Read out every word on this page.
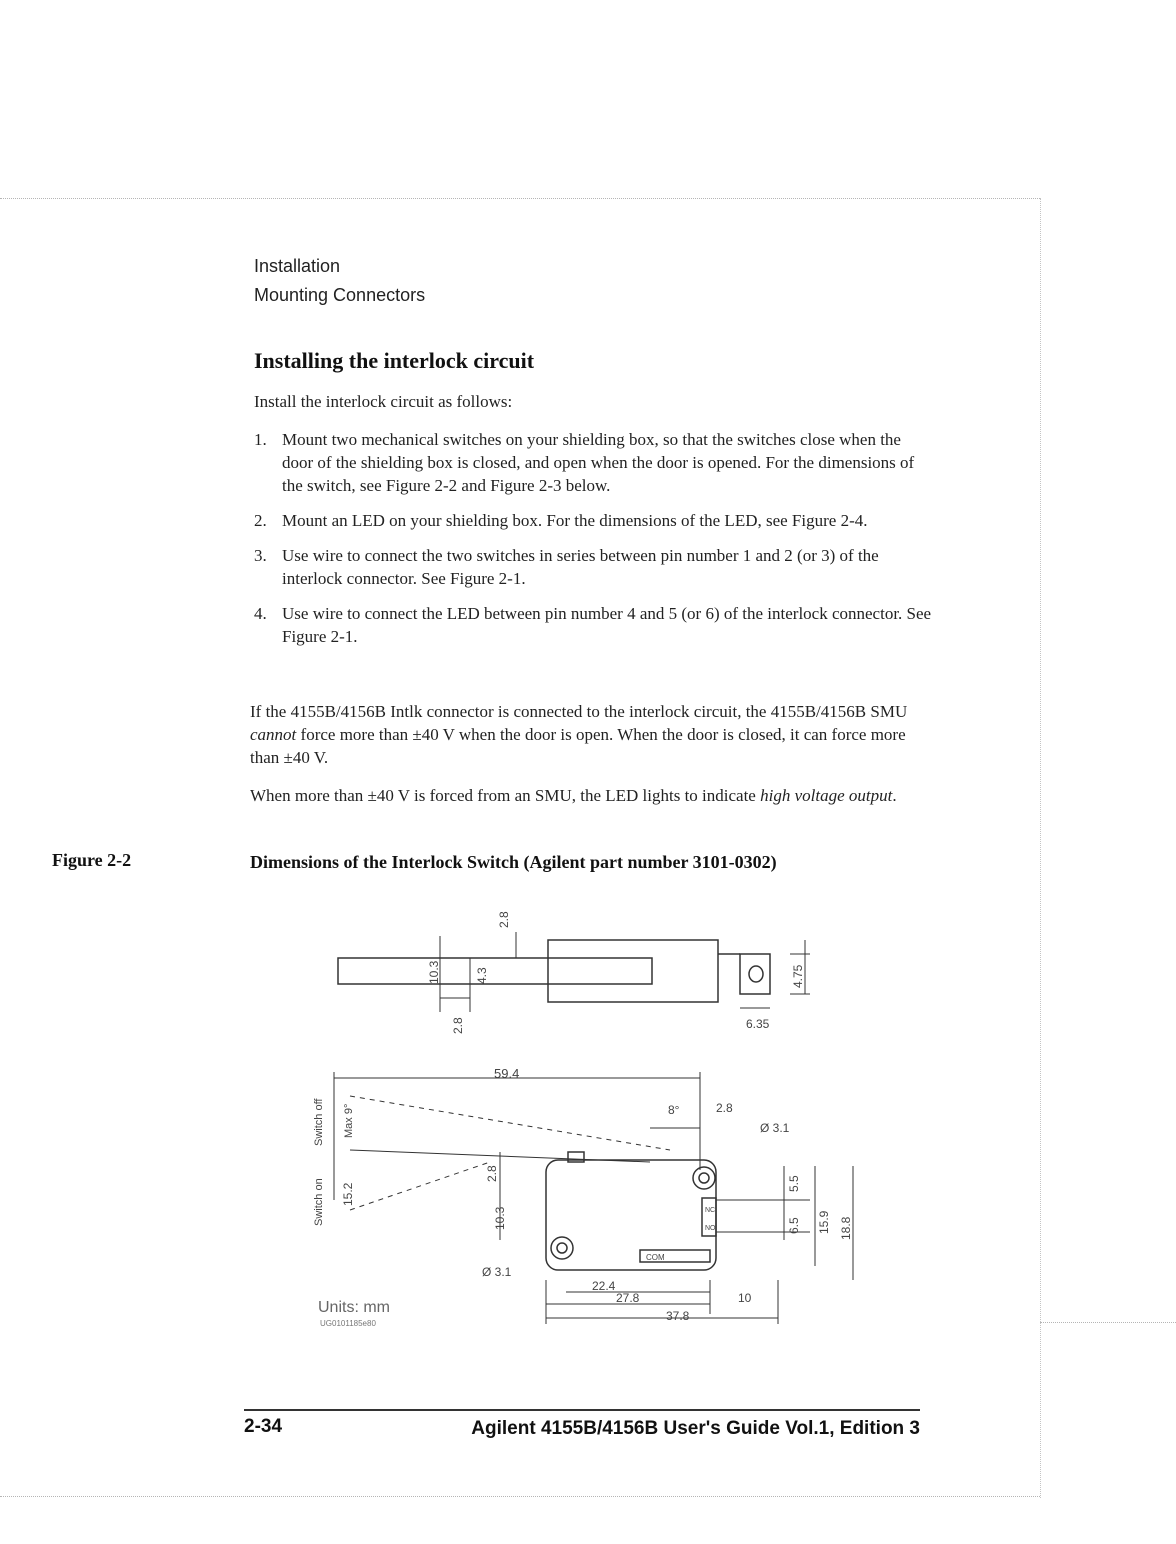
Installation
Mounting Connectors
Installing the interlock circuit
Install the interlock circuit as follows:
1. Mount two mechanical switches on your shielding box, so that the switches close when the door of the shielding box is closed, and open when the door is opened. For the dimensions of the switch, see Figure 2-2 and Figure 2-3 below.
2. Mount an LED on your shielding box. For the dimensions of the LED, see Figure 2-4.
3. Use wire to connect the two switches in series between pin number 1 and 2 (or 3) of the interlock connector. See Figure 2-1.
4. Use wire to connect the LED between pin number 4 and 5 (or 6) of the interlock connector. See Figure 2-1.
If the 4155B/4156B Intlk connector is connected to the interlock circuit, the 4155B/4156B SMU cannot force more than ±40 V when the door is open. When the door is closed, it can force more than ±40 V.
When more than ±40 V is forced from an SMU, the LED lights to indicate high voltage output.
Figure 2-2	Dimensions of the Interlock Switch (Agilent part number 3101-0302)
2.8
10.3	4.3	4.75
2.8	6.35
59.4
Switch off Max 9°
Switch on 15.2
8°	2.8
Ø 3.1
2.8
10.3
5.5
6.5 15.9 18.8
Ø 3.1
22.4
27.8	10
37.8
COM
NC
NO
Units: mm
UG0101185e80
2-34	Agilent 4155B/4156B User's Guide Vol.1, Edition 3
